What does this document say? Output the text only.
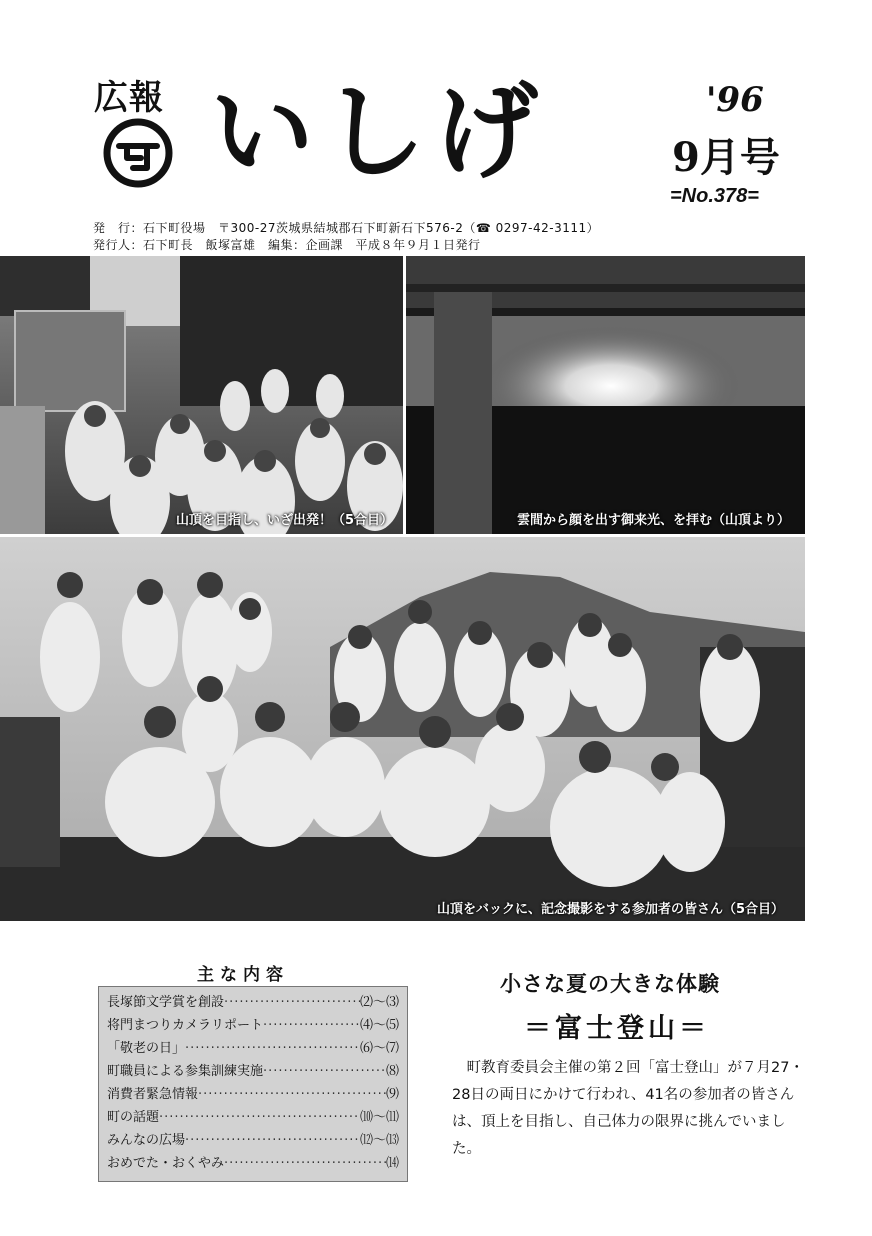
広報 いしげ	'96
9月号
=No.378=
発　行：石下町役場　〒300-27茨城県結城郡石下町新石下576-2（☎ 0297-42-3111）
発行人：石下町長　飯塚富雄　編集：企画課　平成８年９月１日発行
山頂を目指し、いざ出発！（5合目）	雲間から顔を出す御来光、を拝む（山頂より）
山頂をバックに、記念撮影をする参加者の皆さん（5合目）
主な内容
長塚節文学賞を創設 ·····	⑵～⑶
将門まつりカメラリポート ·····	⑷～⑸
「敬老の日」 ·····	⑹～⑺
町職員による参集訓練実施 ·····	⑻
消費者緊急情報 ·····	⑼
町の話題 ·····	⑽～⑾
みんなの広場 ·····	⑿～⒀
おめでた・おくやみ ·····	⒁
小さな夏の大きな体験
＝富士登山＝
町教育委員会主催の第２回「富士登山」が７月27・28日の両日にかけて行われ、41名の参加者の皆さんは、頂上を目指し、自己体力の限界に挑んでいました。
